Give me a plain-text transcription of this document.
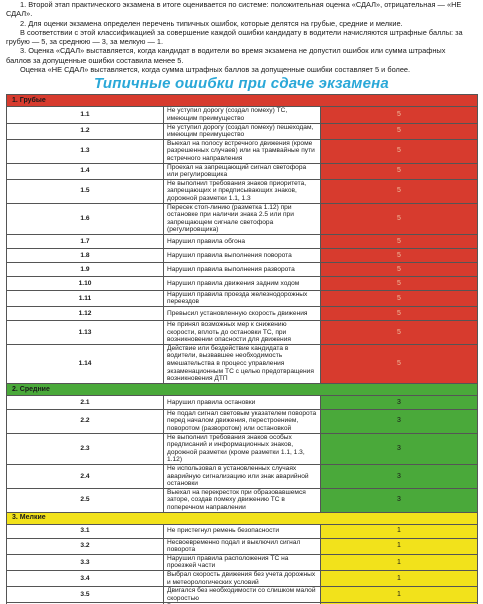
1. Второй этап практического экзамена в итоге оценивается по системе: положительная оценка «СДАЛ», отрицательная — «НЕ СДАЛ».

2. Для оценки экзамена определен перечень типичных ошибок, которые делятся на грубые, средние и мелкие.

В соответствии с этой классификацией за совершение каждой ошибки кандидату в водители начисляются штрафные баллы: за грубую — 5, за среднюю — 3, за мелкую — 1.

3. Оценка «СДАЛ» выставляется, когда кандидат в водители во время экзамена не допустил ошибок или сумма штрафных баллов за допущенные ошибки составила менее 5.

Оценка «НЕ СДАЛ» выставляется, когда сумма штрафных баллов за допущенные ошибки составляет 5 и более.

Типичные ошибки при сдаче экзамена
1. Грубые		
1.1	Не уступил дорогу (создал помеху) ТС, имеющим преимущество	5
1.2	Не уступил дорогу (создал помеху) пешеходам, имеющим преимущество	5
1.3	Выехал на полосу встречного движения (кроме разрешенных случаев) или на трамвайные пути встречного направления	5
1.4	Проехал на запрещающий сигнал светофора или регулировщика	5
1.5	Не выполнил требования знаков приоритета, запрещающих и предписывающих знаков, дорожной разметки 1.1, 1.3	5
1.6	Пересек стоп-линию (разметка 1.12) при остановке при наличии знака 2.5 или при запрещающем сигнале светофора (регулировщика)	5
1.7	Нарушил правила обгона	5
1.8	Нарушил правила выполнения поворота	5
1.9	Нарушил правила выполнения разворота	5
1.10	Нарушил правила движения задним ходом	5
1.11	Нарушил правила проезда железнодорожных переездов	5
1.12	Превысил установленную скорость движения	5
1.13	Не принял возможных мер к снижению скорости, вплоть до остановки ТС, при возникновении опасности для движения	5
1.14	Действие или бездействие кандидата в водители, вызвавшее необходимость вмешательства в процесс управления экзаменационным ТС с целью предотвращения возникновения ДТП	5
2. Средние		
2.1	Нарушил правила остановки	3
2.2	Не подал сигнал световым указателем поворота перед началом движения, перестроением, поворотом (разворотом) или остановкой	3
2.3	Не выполнил требования знаков особых предписаний и информационных знаков, дорожной разметки (кроме разметки 1.1, 1.3, 1.12)	3
2.4	Не использовал в установленных случаях аварийную сигнализацию или знак аварийной остановки	3
2.5	Выехал на перекресток при образовавшемся заторе, создав помеху движению ТС в поперечном направлении	3
3. Мелкие		
3.1	Не пристегнул ремень безопасности	1
3.2	Несвоевременно подал и выключил сигнал поворота	1
3.3	Нарушил правила расположения ТС на проезжей части	1
3.4	Выбрал скорость движения без учета дорожных и метеорологических условий	1
3.5	Двигался без необходимости со слишком малой скоростью	1
